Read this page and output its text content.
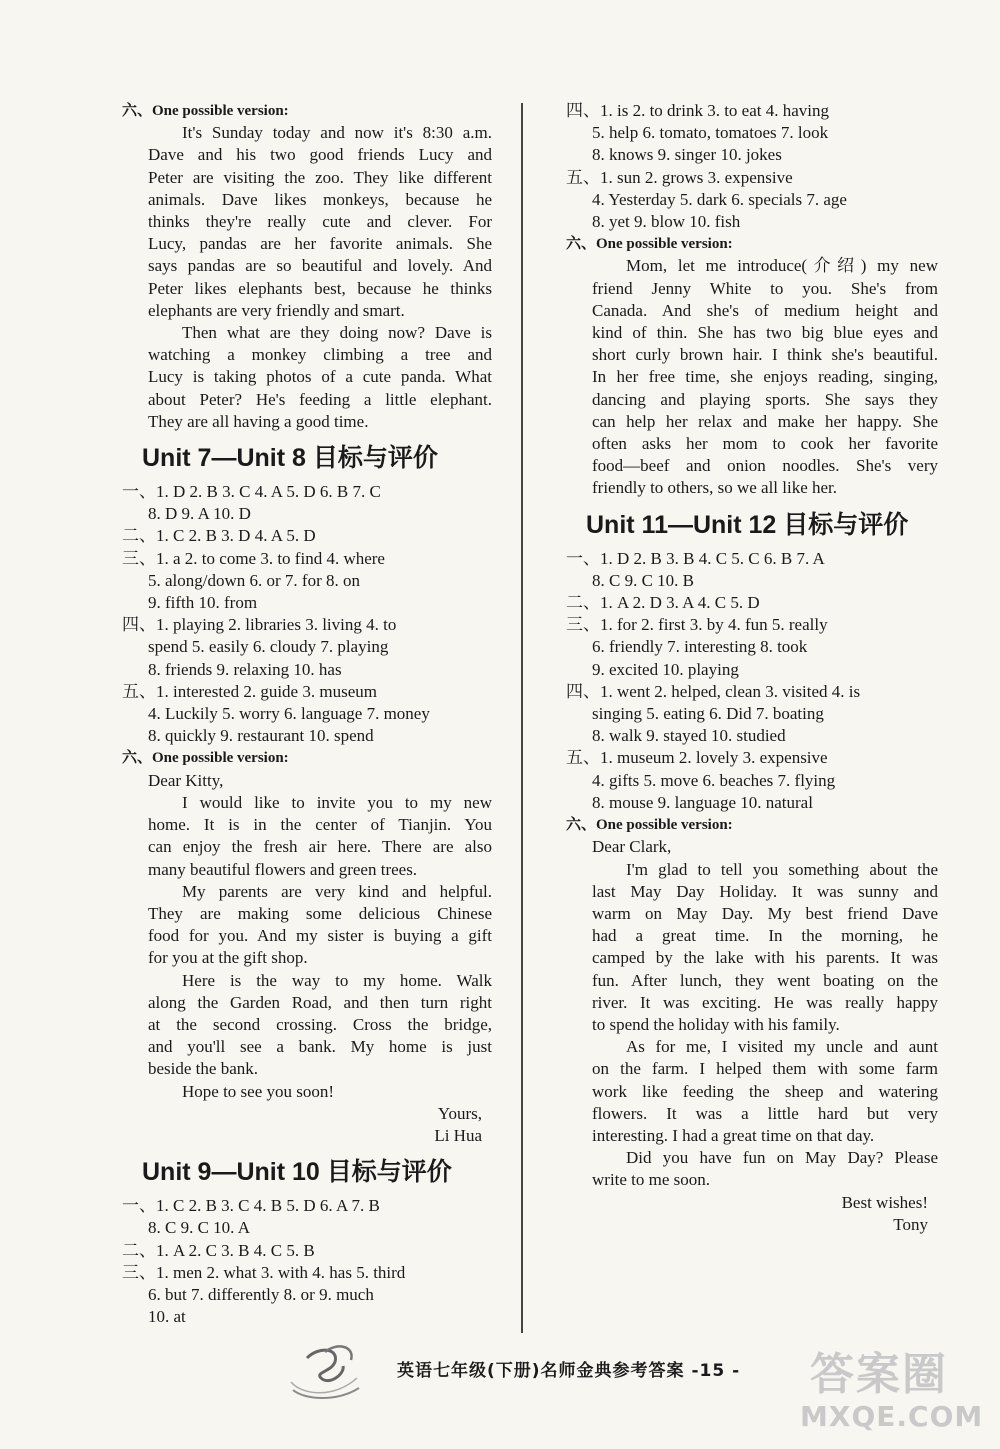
六、One possible version:
It's Sunday today and now it's 8:30 a.m.
Dave and his two good friends Lucy and
Peter are visiting the zoo. They like different
animals. Dave likes monkeys, because he
thinks they're really cute and clever. For
Lucy, pandas are her favorite animals. She
says pandas are so beautiful and lovely. And
Peter likes elephants best, because he thinks
elephants are very friendly and smart.
Then what are they doing now? Dave is
watching a monkey climbing a tree and
Lucy is taking photos of a cute panda. What
about Peter? He's feeding a little elephant.
They are all having a good time.
Unit 7—Unit 8 目标与评价
一、1. D 2. B 3. C 4. A 5. D 6. B 7. C
8. D 9. A 10. D
二、1. C 2. B 3. D 4. A 5. D
三、1. a 2. to come 3. to find 4. where
5. along/down 6. or 7. for 8. on
9. fifth 10. from
四、1. playing 2. libraries 3. living 4. to
spend 5. easily 6. cloudy 7. playing
8. friends 9. relaxing 10. has
五、1. interested 2. guide 3. museum
4. Luckily 5. worry 6. language 7. money
8. quickly 9. restaurant 10. spend
六、One possible version:
Dear Kitty,
I would like to invite you to my new
home. It is in the center of Tianjin. You
can enjoy the fresh air here. There are also
many beautiful flowers and green trees.
My parents are very kind and helpful.
They are making some delicious Chinese
food for you. And my sister is buying a gift
for you at the gift shop.
Here is the way to my home. Walk
along the Garden Road, and then turn right
at the second crossing. Cross the bridge,
and you'll see a bank. My home is just
beside the bank.
Hope to see you soon!
Yours,
Li Hua
Unit 9—Unit 10 目标与评价
一、1. C 2. B 3. C 4. B 5. D 6. A 7. B
8. C 9. C 10. A
二、1. A 2. C 3. B 4. C 5. B
三、1. men 2. what 3. with 4. has 5. third
6. but 7. differently 8. or 9. much
10. at
四、1. is 2. to drink 3. to eat 4. having
5. help 6. tomato, tomatoes 7. look
8. knows 9. singer 10. jokes
五、1. sun 2. grows 3. expensive
4. Yesterday 5. dark 6. specials 7. age
8. yet 9. blow 10. fish
六、One possible version:
Mom, let me introduce(介绍) my new
friend Jenny White to you. She's from
Canada. And she's of medium height and
kind of thin. She has two big blue eyes and
short curly brown hair. I think she's beautiful.
In her free time, she enjoys reading, singing,
dancing and playing sports. She says they
can help her relax and make her happy. She
often asks her mom to cook her favorite
food—beef and onion noodles. She's very
friendly to others, so we all like her.
Unit 11—Unit 12 目标与评价
一、1. D 2. B 3. B 4. C 5. C 6. B 7. A
8. C 9. C 10. B
二、1. A 2. D 3. A 4. C 5. D
三、1. for 2. first 3. by 4. fun 5. really
6. friendly 7. interesting 8. took
9. excited 10. playing
四、1. went 2. helped, clean 3. visited 4. is
singing 5. eating 6. Did 7. boating
8. walk 9. stayed 10. studied
五、1. museum 2. lovely 3. expensive
4. gifts 5. move 6. beaches 7. flying
8. mouse 9. language 10. natural
六、One possible version:
Dear Clark,
I'm glad to tell you something about the
last May Day Holiday. It was sunny and
warm on May Day. My best friend Dave
had a great time. In the morning, he
camped by the lake with his parents. It was
fun. After lunch, they went boating on the
river. It was exciting. He was really happy
to spend the holiday with his family.
As for me, I visited my uncle and aunt
on the farm. I helped them with some farm
work like feeding the sheep and watering
flowers. It was a little hard but very
interesting. I had a great time on that day.
Did you have fun on May Day? Please
write to me soon.
Best wishes!
Tony
英语七年级(下册)名师金典参考答案 -15 - 答案圈
MXQE.COM
